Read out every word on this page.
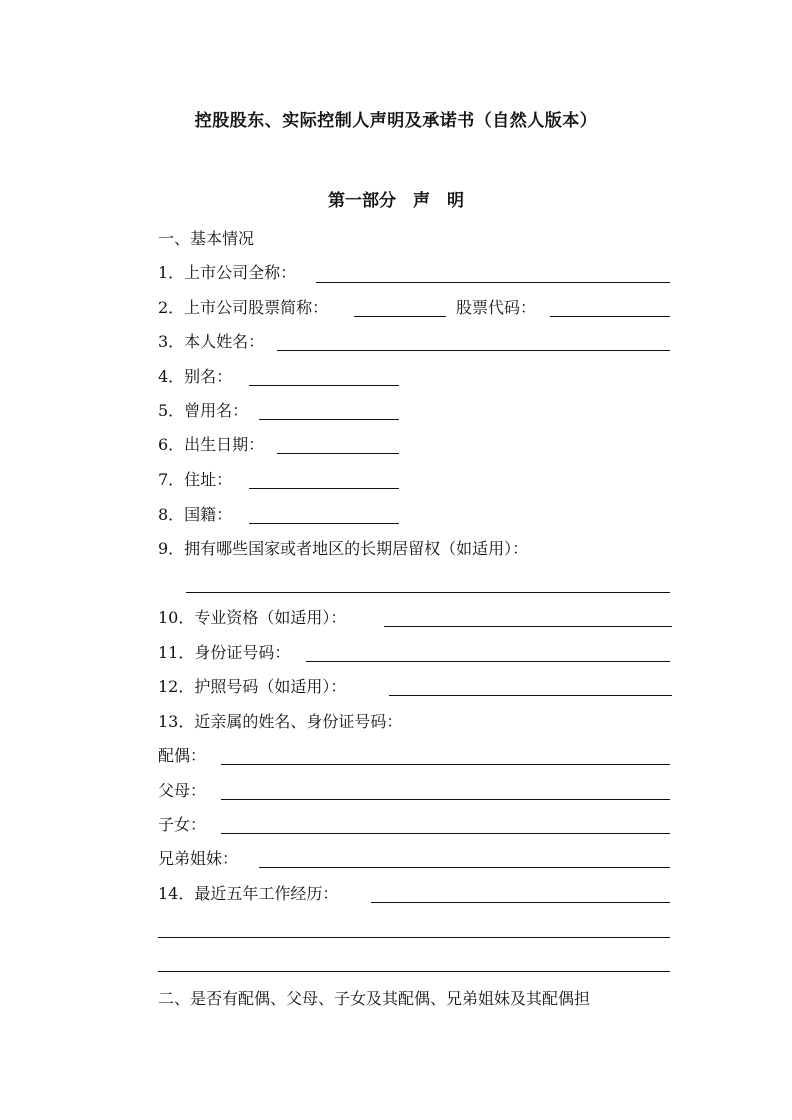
控股股东、实际控制人声明及承诺书（自然人版本）
第一部分　声　明
一、基本情况
1．上市公司全称：
2．上市公司股票简称：	股票代码：
3．本人姓名：
4．别名：
5．曾用名：
6．出生日期：
7．住址：
8．国籍：
9．拥有哪些国家或者地区的长期居留权（如适用）：
10．专业资格（如适用）：
11．身份证号码：
12．护照号码（如适用）：
13．近亲属的姓名、身份证号码：
配偶：
父母：
子女：
兄弟姐妹：
14．最近五年工作经历：
二、是否有配偶、父母、子女及其配偶、兄弟姐妹及其配偶担
